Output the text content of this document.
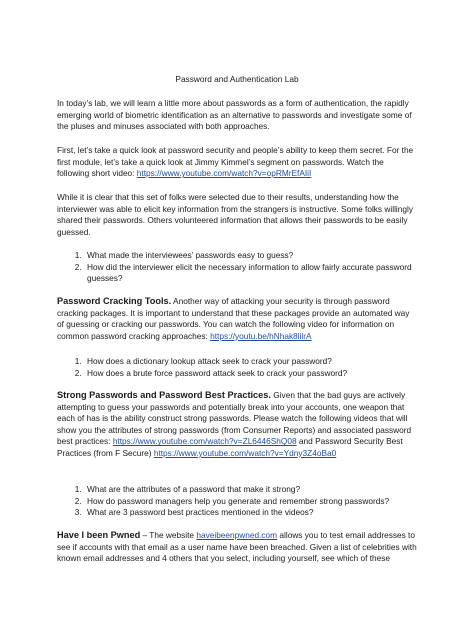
Password and Authentication Lab

In today’s lab, we will learn a little more about passwords as a form of authentication, the rapidly emerging world of biometric identification as an alternative to passwords and investigate some of the pluses and minuses associated with both approaches.

First, let’s take a quick look at password security and people’s ability to keep them secret. For the first module, let’s take a quick look at Jimmy Kimmel’s segment on passwords. Watch the following short video: https://www.youtube.com/watch?v=opRMrEfAIiI

While it is clear that this set of folks were selected due to their results, understanding how the interviewer was able to elicit key information from the strangers is instructive. Some folks willingly shared their passwords. Others volunteered information that allows their passwords to be easily guessed.

1. What made the interviewees’ passwords easy to guess?
2. How did the interviewer elicit the necessary information to allow fairly accurate password guesses?

Password Cracking Tools. Another way of attacking your security is through password cracking packages. It is important to understand that these packages provide an automated way of guessing or cracking our passwords. You can watch the following video for information on common password cracking approaches: https://youtu.be/hNhak8lilrA

1. How does a dictionary lookup attack seek to crack your password?
2. How does a brute force password attack seek to crack your password?

Strong Passwords and Password Best Practices. Given that the bad guys are actively attempting to guess your passwords and potentially break into your accounts, one weapon that each of has is the ability construct strong passwords. Please watch the following videos that will show you the attributes of strong passwords (from Consumer Reports) and associated password best practices: https://www.youtube.com/watch?v=ZL6446ShQ08 and Password Security Best Practices (from F Secure) https://www.youtube.com/watch?v=Ydny3Z4oBa0

1. What are the attributes of a password that make it strong?
2. How do password managers help you generate and remember strong passwords?
3. What are 3 password best practices mentioned in the videos?

Have I been Pwned – The website haveibeenpwned.com allows you to test email addresses to see if accounts with that email as a user name have been breached. Given a list of celebrities with known email addresses and 4 others that you select, including yourself, see which of these
